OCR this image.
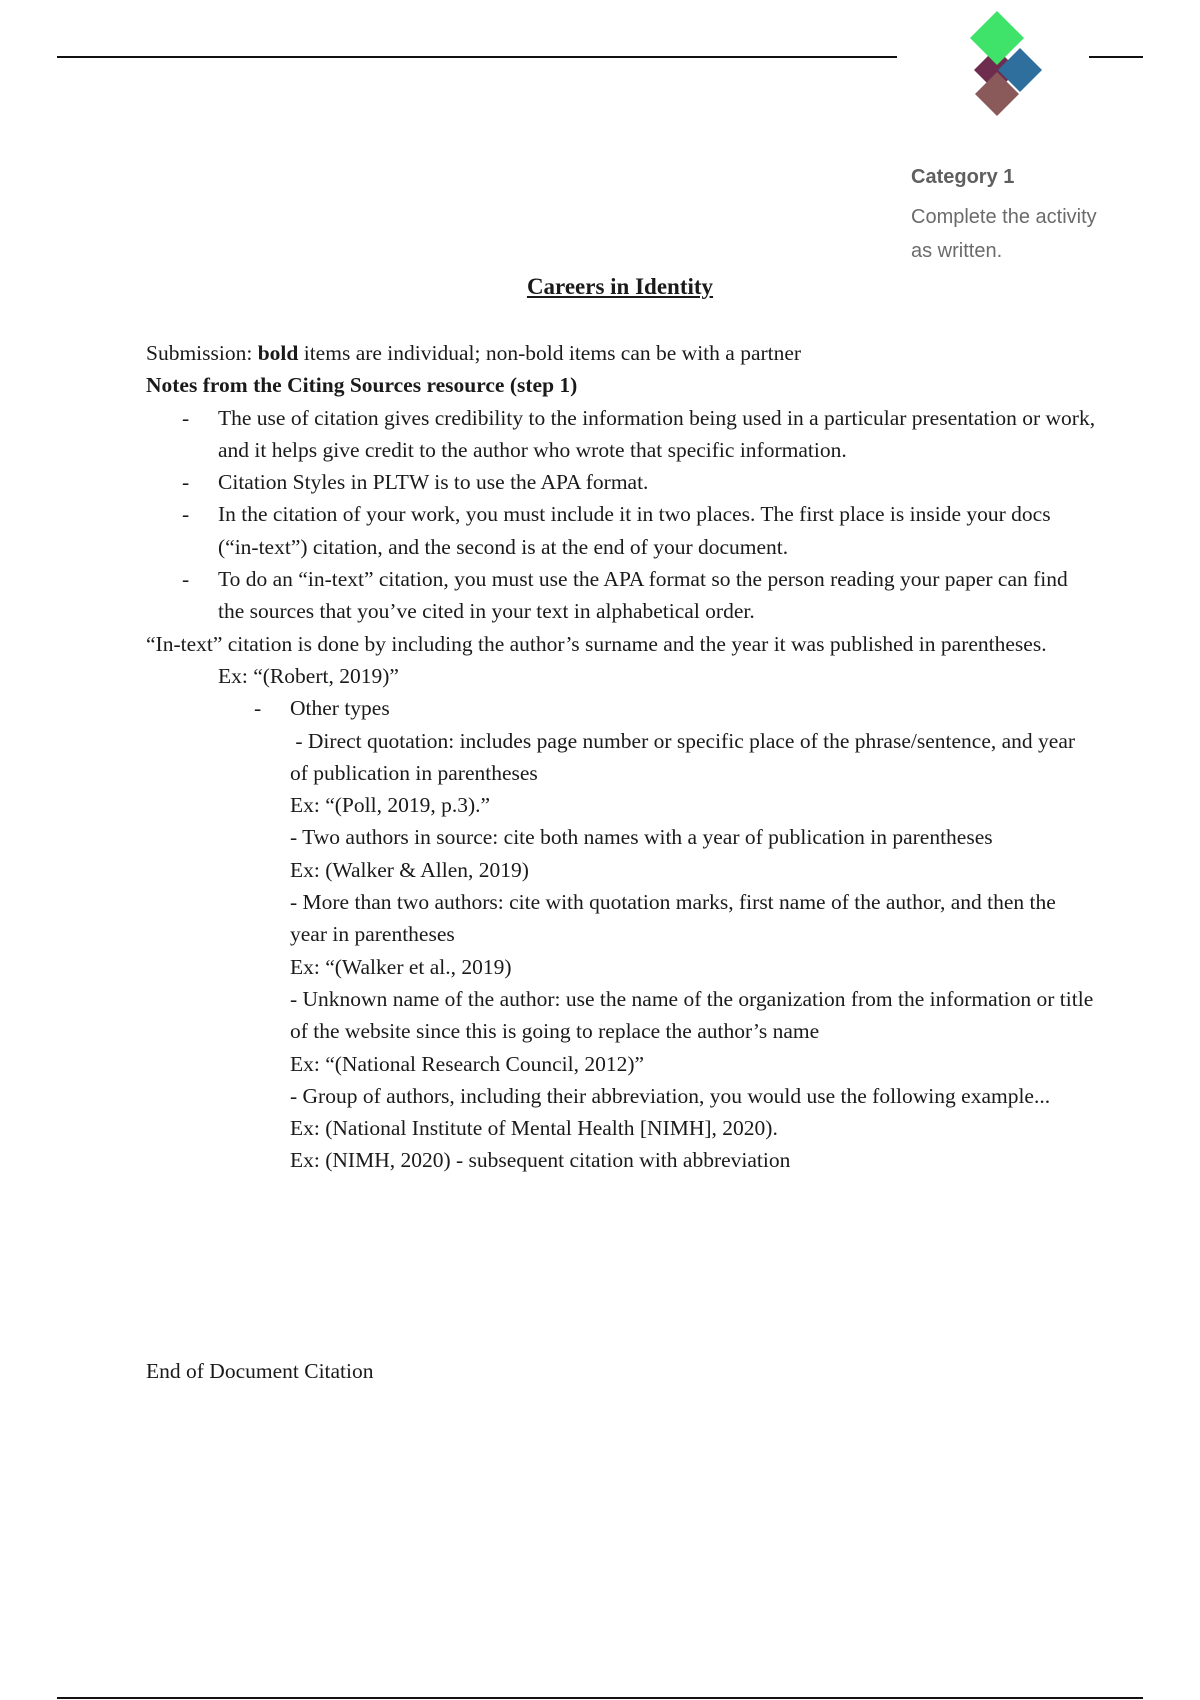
Category 1
Complete the activity as written.
Careers in Identity

Submission: bold items are individual; non-bold items can be with a partner

Notes from the Citing Sources resource (step 1)

- The use of citation gives credibility to the information being used in a particular presentation or work, and it helps give credit to the author who wrote that specific information.
- Citation Styles in PLTW is to use the APA format.
- In the citation of your work, you must include it in two places. The first place is inside your docs (“in-text”) citation, and the second is at the end of your document.
- To do an “in-text” citation, you must use the APA format so the person reading your paper can find the sources that you’ve cited in your text in alphabetical order.

“In-text” citation is done by including the author’s surname and the year it was published in parentheses.

Ex: “(Robert, 2019)”

- Other types

- Direct quotation: includes page number or specific place of the phrase/sentence, and year of publication in parentheses

Ex: “(Poll, 2019, p.3).”

- Two authors in source: cite both names with a year of publication in parentheses

Ex: (Walker & Allen, 2019)

- More than two authors: cite with quotation marks, first name of the author, and then the year in parentheses

Ex: “(Walker et al., 2019)

- Unknown name of the author: use the name of the organization from the information or title of the website since this is going to replace the author’s name

Ex: “(National Research Council, 2012)”

- Group of authors, including their abbreviation, you would use the following example...

Ex: (National Institute of Mental Health [NIMH], 2020).

Ex: (NIMH, 2020) - subsequent citation with abbreviation

End of Document Citation
